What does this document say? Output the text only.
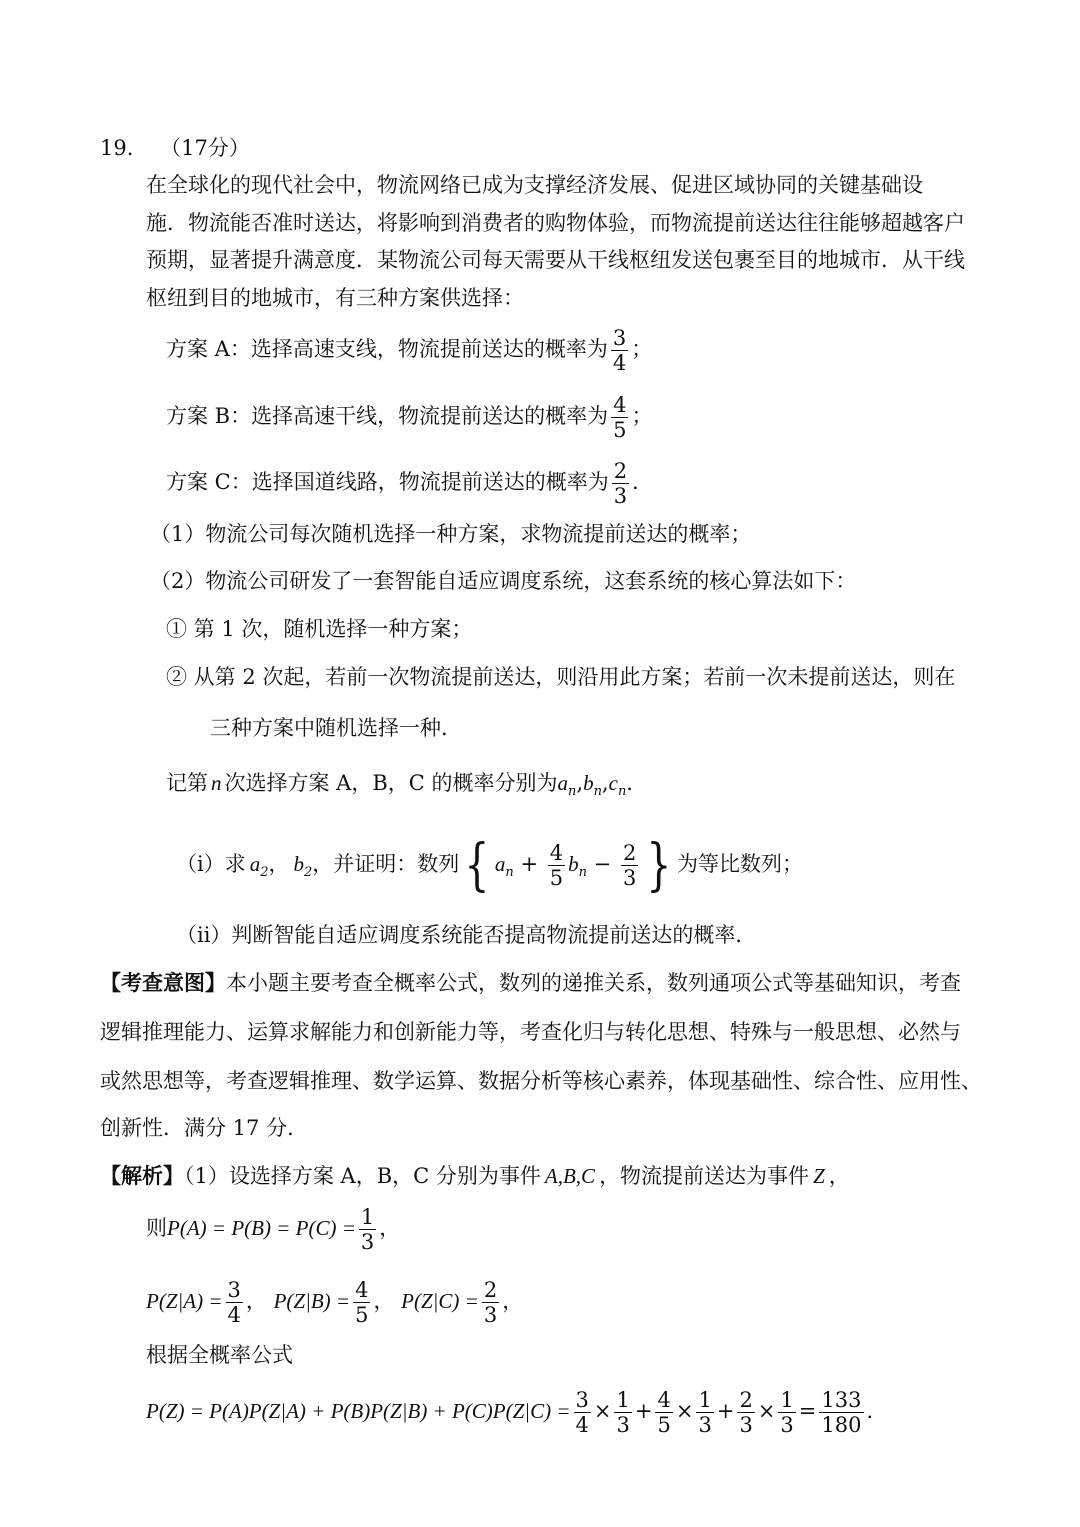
19. （17分）
在全球化的现代社会中，物流网络已成为支撑经济发展、促进区域协同的关键基础设
施．物流能否准时送达，将影响到消费者的购物体验，而物流提前送达往往能够超越客户
预期，显著提升满意度．某物流公司每天需要从干线枢纽发送包裹至目的地城市．从干线
枢纽到目的地城市，有三种方案供选择：
方案 A：选择高速支线，物流提前送达的概率为 $\frac{3}{4}$ ；
方案 B：选择高速干线，物流提前送达的概率为 $\frac{4}{5}$ ；
方案 C：选择国道线路，物流提前送达的概率为 $\frac{2}{3}$ ．
（1）物流公司每次随机选择一种方案，求物流提前送达的概率；
（2）物流公司研发了一套智能自适应调度系统，这套系统的核心算法如下：
① 第 1 次，随机选择一种方案；
② 从第 2 次起，若前一次物流提前送达，则沿用此方案；若前一次未提前送达，则在
三种方案中随机选择一种．
记第 n 次选择方案 A，B，C 的概率分别为$a_n,b_n,c_n$．
（i）求 $a_2$， $b_2$，并证明：数列{ $a_n + \frac{4}{5} b_n - \frac{2}{3}$ } 为等比数列；
（ii）判断智能自适应调度系统能否提高物流提前送达的概率．
【考查意图】本小题主要考查全概率公式，数列的递推关系，数列通项公式等基础知识，考查
逻辑推理能力、运算求解能力和创新能力等，考查化归与转化思想、特殊与一般思想、必然与
或然思想等，考查逻辑推理、数学运算、数据分析等核心素养，体现基础性、综合性、应用性、
创新性．满分 17 分．
【解析】（1）设选择方案 A，B，C 分别为事件 A,B,C ，物流提前送达为事件 Z ，
则$P(A) = P(B) = P(C) = \frac{1}{3}$ ，
$P(Z|A) = \frac{3}{4}$ ， $P(Z|B) = \frac{4}{5}$ ， $P(Z|C) = \frac{2}{3}$ ，
根据全概率公式
$P(Z) = P(A)P(Z|A) + P(B)P(Z|B) + P(C)P(Z|C) = \frac{3}{4} \times \frac{1}{3} + \frac{4}{5} \times \frac{1}{3} + \frac{2}{3} \times \frac{1}{3} = \frac{133}{180}$ ．
